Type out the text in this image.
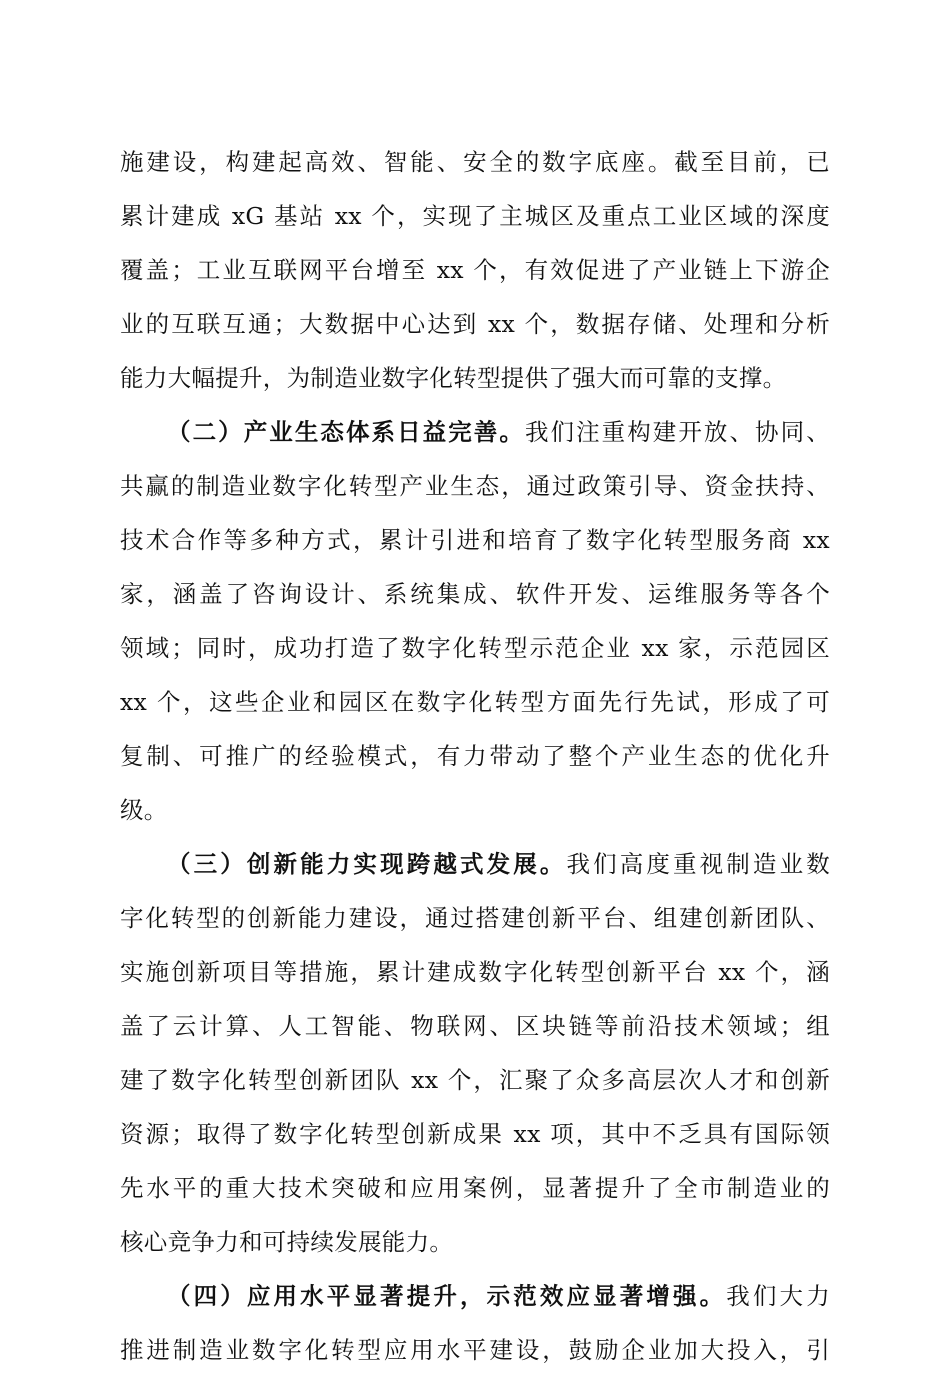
施建设，构建起高效、智能、安全的数字底座。截至目前，已
累计建成 xG 基站 xx 个，实现了主城区及重点工业区域的深度
覆盖；工业互联网平台增至 xx 个，有效促进了产业链上下游企
业的互联互通；大数据中心达到 xx 个，数据存储、处理和分析
能力大幅提升，为制造业数字化转型提供了强大而可靠的支撑。
（二）产业生态体系日益完善。我们注重构建开放、协同、
共赢的制造业数字化转型产业生态，通过政策引导、资金扶持、
技术合作等多种方式，累计引进和培育了数字化转型服务商 xx
家，涵盖了咨询设计、系统集成、软件开发、运维服务等各个
领域；同时，成功打造了数字化转型示范企业 xx 家，示范园区
xx 个，这些企业和园区在数字化转型方面先行先试，形成了可
复制、可推广的经验模式，有力带动了整个产业生态的优化升
级。
（三）创新能力实现跨越式发展。我们高度重视制造业数
字化转型的创新能力建设，通过搭建创新平台、组建创新团队、
实施创新项目等措施，累计建成数字化转型创新平台 xx 个，涵
盖了云计算、人工智能、物联网、区块链等前沿技术领域；组
建了数字化转型创新团队 xx 个，汇聚了众多高层次人才和创新
资源；取得了数字化转型创新成果 xx 项，其中不乏具有国际领
先水平的重大技术突破和应用案例，显著提升了全市制造业的
核心竞争力和可持续发展能力。
（四）应用水平显著提升，示范效应显著增强。我们大力
推进制造业数字化转型应用水平建设，鼓励企业加大投入，引
